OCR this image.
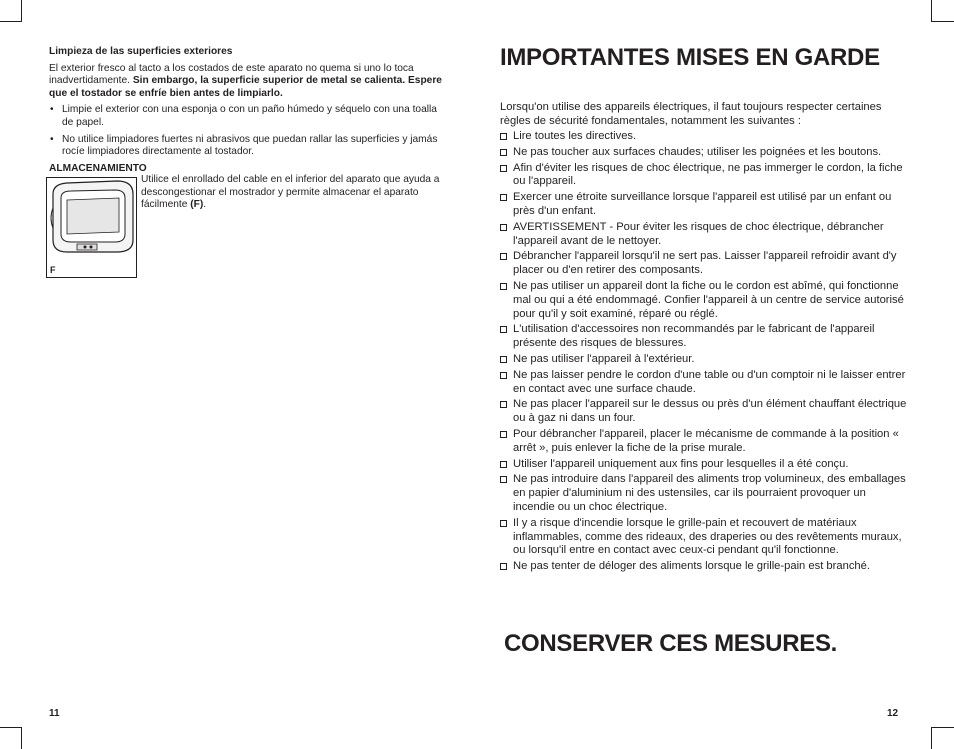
Limpieza de las superficies exteriores

El exterior fresco al tacto a los costados de este aparato no quema si uno lo toca inadvertidamente. Sin embargo, la superficie superior de metal se calienta. Espere que el tostador se enfríe bien antes de limpiarlo.

• Limpie el exterior con una esponja o con un paño húmedo y séquelo con una toalla de papel.
• No utilice limpiadores fuertes ni abrasivos que puedan rallar las superficies y jamás rocíe limpiadores directamente al tostador.

ALMACENAMIENTO

F
Utilice el enrollado del cable en el inferior del aparato que ayuda a descongestionar el mostrador y permite almacenar el aparato fácilmente (F).
11
IMPORTANTES MISES EN GARDE

Lorsqu'on utilise des appareils électriques, il faut toujours respecter certaines règles de sécurité fondamentales, notamment les suivantes :

Lire toutes les directives.
Ne pas toucher aux surfaces chaudes; utiliser les poignées et les boutons.
Afin d'éviter les risques de choc électrique, ne pas immerger le cordon, la fiche ou l'appareil.
Exercer une étroite surveillance lorsque l'appareil est utilisé par un enfant ou près d'un enfant.
AVERTISSEMENT - Pour éviter les risques de choc électrique, débrancher l'appareil avant de le nettoyer.
Débrancher l'appareil lorsqu'il ne sert pas. Laisser l'appareil refroidir avant d'y placer ou d'en retirer des composants.
Ne pas utiliser un appareil dont la fiche ou le cordon est abîmé, qui fonctionne mal ou qui a été endommagé. Confier l'appareil à un centre de service autorisé pour qu'il y soit examiné, réparé ou réglé.
L'utilisation d'accessoires non recommandés par le fabricant de l'appareil présente des risques de blessures.
Ne pas utiliser l'appareil à l'extérieur.
Ne pas laisser pendre le cordon d'une table ou d'un comptoir ni le laisser entrer en contact avec une surface chaude.
Ne pas placer l'appareil sur le dessus ou près d'un élément chauffant électrique ou à gaz ni dans un four.
Pour débrancher l'appareil, placer le mécanisme de commande à la position « arrêt », puis enlever la fiche de la prise murale.
Utiliser l'appareil uniquement aux fins pour lesquelles il a été conçu.
Ne pas introduire dans l'appareil des aliments trop volumineux, des emballages en papier d'aluminium ni des ustensiles, car ils pourraient provoquer un incendie ou un choc électrique.
Il y a risque d'incendie lorsque le grille-pain et recouvert de matériaux inflammables, comme des rideaux, des draperies ou des revêtements muraux, ou lorsqu'il entre en contact avec ceux-ci pendant qu'il fonctionne.
Ne pas tenter de déloger des aliments lorsque le grille-pain est branché.
CONSERVER CES MESURES.
12
